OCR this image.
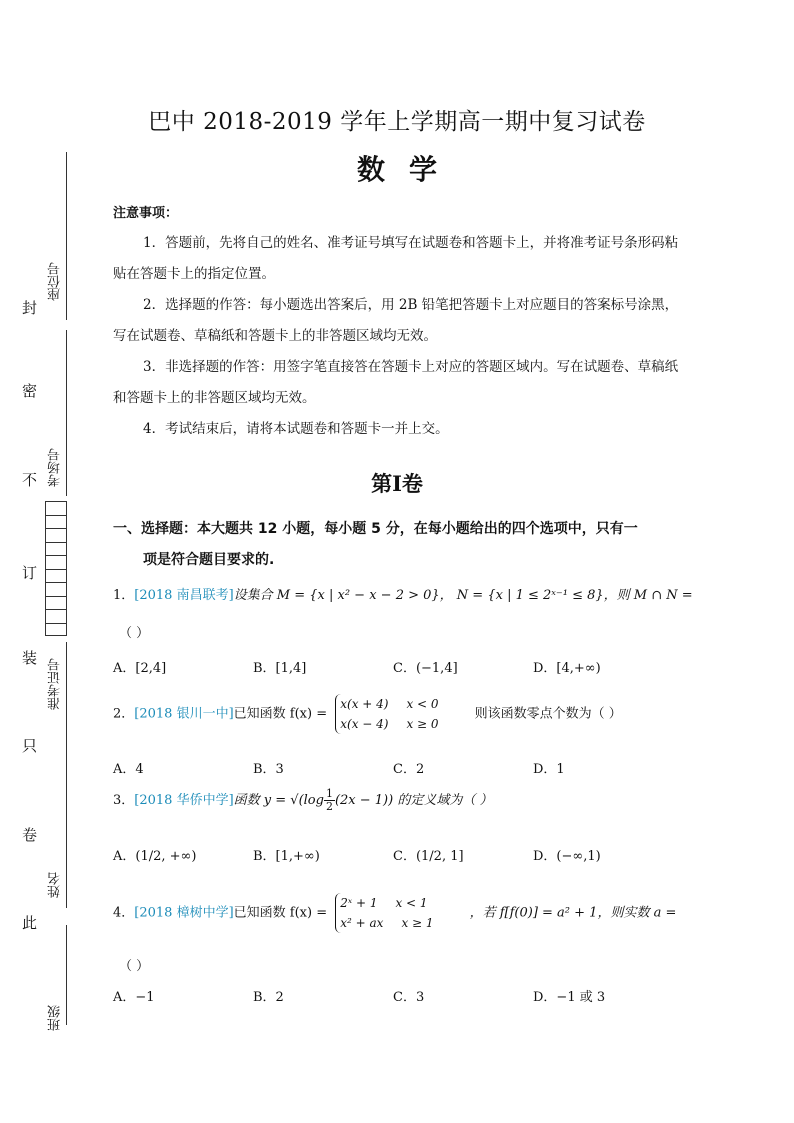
封
密
不
订
装
只
卷
此
座位号
考场号
准考证号
姓名
班级
巴中 2018-2019 学年上学期高一期中复习试卷
数学
注意事项：
1．答题前，先将自己的姓名、准考证号填写在试题卷和答题卡上，并将准考证号条形码粘贴在答题卡上的指定位置。
2．选择题的作答：每小题选出答案后，用 2B 铅笔把答题卡上对应题目的答案标号涂黑，写在试题卷、草稿纸和答题卡上的非答题区域均无效。
3．非选择题的作答：用签字笔直接答在答题卡上对应的答题区域内。写在试题卷、草稿纸和答题卡上的非答题区域均无效。
4．考试结束后，请将本试题卷和答题卡一并上交。
第Ⅰ卷
一、选择题：本大题共 12 小题，每小题 5 分，在每小题给出的四个选项中，只有一
项是符合题目要求的.
1．[2018 南昌联考]设集合 M = {x | x² − x − 2 > 0}， N = {x | 1 ≤ 2ˣ⁻¹ ≤ 8}，则 M ∩ N =
（ ）
A．[2,4]	B．[1,4]	C．(−1,4]	D．[4,+∞)
2．[2018 银川一中]已知函数 f(x) = x(x + 4) x < 0
x(x − 4) x ≥ 0 则该函数零点个数为（ ）
A．4	B．3	C．2	D．1
3．[2018 华侨中学]函数 $y = √(\log \frac{1}{2}(2x - 1))$ 的定义域为（ ）
A．(1/2, +∞)	B．[1,+∞)	C．(1/2, 1]	D．(−∞,1)
4．[2018 樟树中学]已知函数 f(x) = 2ˣ + 1 x < 1
x² + ax x ≥ 1 ，若 f[f(0)] = a² + 1，则实数 a =
（ ）
A．−1	B．2	C．3	D．−1 或 3
